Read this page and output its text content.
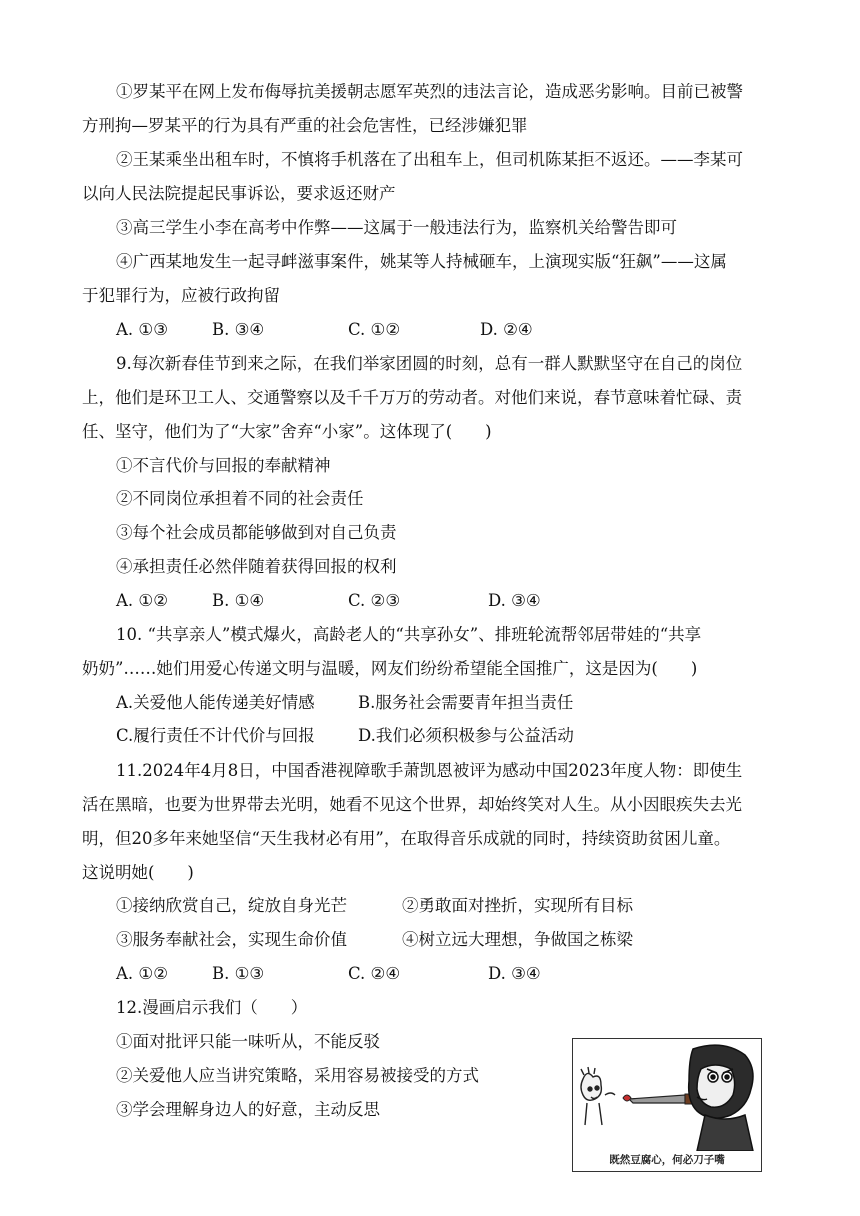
①罗某平在网上发布侮辱抗美援朝志愿军英烈的违法言论，造成恶劣影响。目前已被警
方刑拘—罗某平的行为具有严重的社会危害性，已经涉嫌犯罪
②王某乘坐出租车时，不慎将手机落在了出租车上，但司机陈某拒不返还。——李某可
以向人民法院提起民事诉讼，要求返还财产
③高三学生小李在高考中作弊——这属于一般违法行为，监察机关给警告即可
④广西某地发生一起寻衅滋事案件，姚某等人持械砸车，上演现实版“狂飙”——这属
于犯罪行为，应被行政拘留
A. ①③	B. ③④	C. ①②	D. ②④
9.每次新春佳节到来之际，在我们举家团圆的时刻，总有一群人默默坚守在自己的岗位
上，他们是环卫工人、交通警察以及千千万万的劳动者。对他们来说，春节意味着忙碌、责
任、坚守，他们为了“大家”舍弃“小家”。这体现了(　　)
①不言代价与回报的奉献精神
②不同岗位承担着不同的社会责任
③每个社会成员都能够做到对自己负责
④承担责任必然伴随着获得回报的权利
A. ①②	B. ①④	C. ②③	D. ③④
10. “共享亲人”模式爆火，高龄老人的“共享孙女”、排班轮流帮邻居带娃的“共享
奶奶”……她们用爱心传递文明与温暖，网友们纷纷希望能全国推广，这是因为(　　)
A.关爱他人能传递美好情感	B.服务社会需要青年担当责任
C.履行责任不计代价与回报	D.我们必须积极参与公益活动
11.2024年4月8日，中国香港视障歌手萧凯恩被评为感动中国2023年度人物：即使生
活在黑暗，也要为世界带去光明，她看不见这个世界，却始终笑对人生。从小因眼疾失去光
明，但20多年来她坚信“天生我材必有用”，在取得音乐成就的同时，持续资助贫困儿童。
这说明她(　　)
①接纳欣赏自己，绽放自身光芒	②勇敢面对挫折，实现所有目标
③服务奉献社会，实现生命价值	④树立远大理想，争做国之栋梁
A. ①②	B. ①③	C. ②④	D. ③④
12.漫画启示我们（　　）
①面对批评只能一味听从，不能反驳
②关爱他人应当讲究策略，采用容易被接受的方式
③学会理解身边人的好意，主动反思
既然豆腐心，何必刀子嘴
